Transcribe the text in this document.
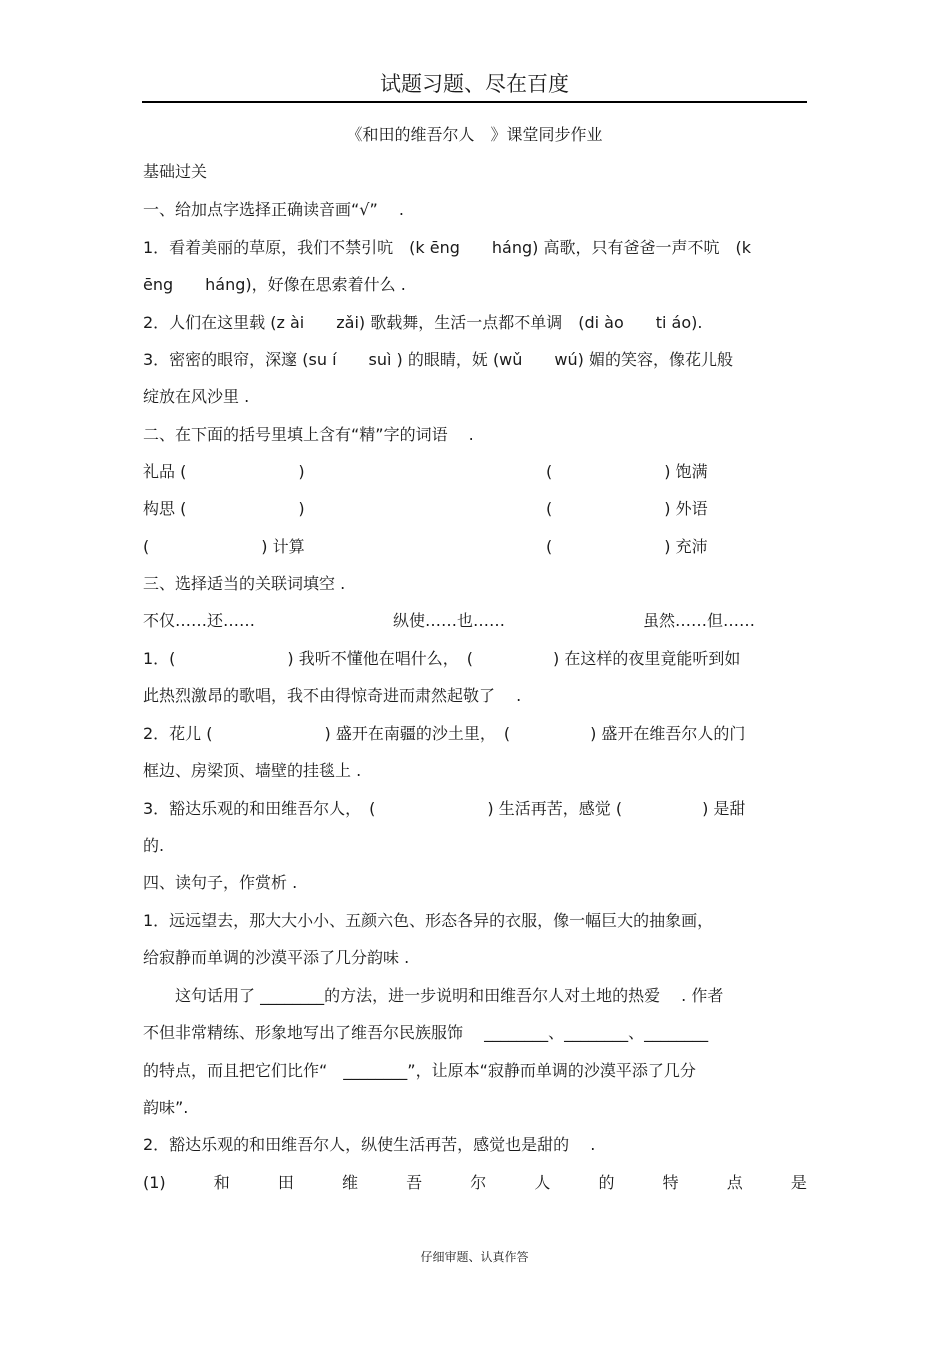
试题习题、尽在百度
《和田的维吾尔人　》课堂同步作业
基础过关
一、给加点字选择正确读音画“√”　 .
1．看着美丽的草原，我们不禁引吭　(k ēng　　háng) 高歌，只有爸爸一声不吭　(k
ēng　　háng)，好像在思索着什么 .
2．人们在这里载 (z ài　　zǎi) 歌载舞，生活一点都不单调　(di ào　　ti áo).
3．密密的眼帘，深邃 (su í　　suì ) 的眼睛，妩 (wǔ　　wú) 媚的笑容，像花儿般
绽放在风沙里 .
二、在下面的括号里填上含有“精”字的词语　 .
礼品 (　　　　　　　)	(　　　　　　　) 饱满
构思 (　　　　　　　)	(　　　　　　　) 外语
(　　　　　　　) 计算	(　　　　　　　) 充沛
三、选择适当的关联词填空 .
不仅……还……	纵使……也……	虽然……但……
1．(　　　　　　　) 我听不懂他在唱什么，　(　　　　　) 在这样的夜里竟能听到如
此热烈激昂的歌唱，我不由得惊奇进而肃然起敬了　 .
2．花儿 (　　　　　　　) 盛开在南疆的沙土里，　(　　　　　) 盛开在维吾尔人的门
框边、房梁顶、墙壁的挂毯上 .
3．豁达乐观的和田维吾尔人，　(　　　　　　　) 生活再苦，感觉 (　　　　　) 是甜
的.
四、读句子，作赏析 .
1．远远望去，那大大小小、五颜六色、形态各异的衣服，像一幅巨大的抽象画，
给寂静而单调的沙漠平添了几分韵味 .
　　这句话用了 ________的方法，进一步说明和田维吾尔人对土地的热爱　 . 作者
不但非常精练、形象地写出了维吾尔民族服饰　 ________、________、________
的特点，而且把它们比作“　________”，让原本“寂静而单调的沙漠平添了几分
韵味”.
2．豁达乐观的和田维吾尔人，纵使生活再苦，感觉也是甜的　 .
(1)	和	田	维	吾	尔	人	的	特	点	是
仔细审题、认真作答
